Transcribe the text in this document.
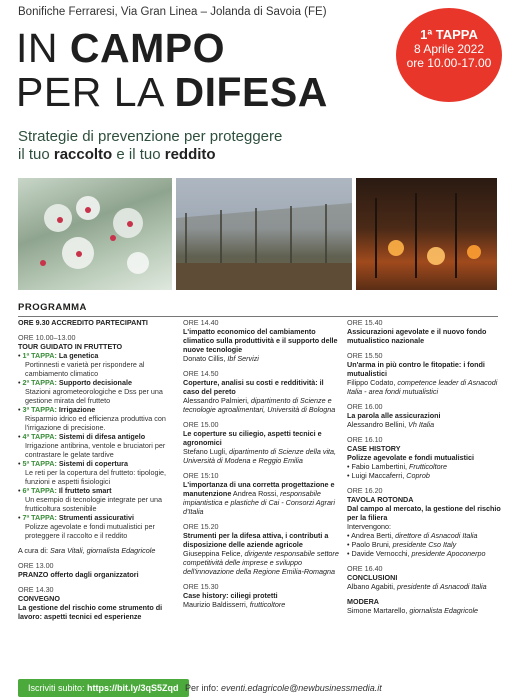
Bonifiche Ferraresi, Via Gran Linea – Jolanda di Savoia (FE)
IN CAMPO
PER LA DIFESA
1ª TAPPA
8 Aprile 2022
ore 10.00-17.00
Strategie di prevenzione per proteggere
il tuo raccolto e il tuo reddito
PROGRAMMA
ORE 9.30 ACCREDITO PARTECIPANTI
ORE 10.00–13.00
TOUR GUIDATO IN FRUTTETO
• 1ª TAPPA: La genetica
Portinnesti e varietà per rispondere al cambiamento climatico
• 2ª TAPPA: Supporto decisionale
Stazioni agrometeorologiche e Dss per una gestione mirata del frutteto
• 3ª TAPPA: Irrigazione
Risparmio idrico ed efficienza produttiva con l'irrigazione di precisione.
• 4ª TAPPA: Sistemi di difesa antigelo
Irrigazione antibrina, ventole e bruciatori per contrastare le gelate tardive
• 5ª TAPPA: Sistemi di copertura
Le reti per la copertura del frutteto: tipologie, funzioni e aspetti fisiologici
• 6ª TAPPA: Il frutteto smart
Un esempio di tecnologie integrate per una frutticoltura sostenibile
• 7ª TAPPA: Strumenti assicurativi
Polizze agevolate e fondi mutualistici per proteggere il raccolto e il reddito
A cura di: Sara Vitali, giornalista Edagricole
ORE 13.00
PRANZO offerto dagli organizzatori
ORE 14.30
CONVEGNO
La gestione del rischio come strumento di lavoro: aspetti tecnici ed esperienze
ORE 14.40
L'impatto economico del cambiamento climatico sulla produttività e il supporto delle nuove tecnologie
Donato Cillis, Ibf Servizi
ORE 14.50
Coperture, analisi su costi e redditività: il caso del pereto
Alessandro Palmieri, dipartimento di Scienze e tecnologie agroalimentari, Università di Bologna
ORE 15.00
Le coperture su ciliegio, aspetti tecnici e agronomici
Stefano Lugli, dipartimento di Scienze della vita, Università di Modena e Reggio Emilia
ORE 15:10
L'importanza di una corretta progettazione e manutenzione Andrea Rossi, responsabile impiantistica e plastiche di Cai - Consorzi Agrari d'Italia
ORE 15.20
Strumenti per la difesa attiva, i contributi a disposizione delle aziende agricole
Giuseppina Felice, dirigente responsabile settore competitività delle imprese e sviluppo dell'innovazione della Regione Emilia-Romagna
ORE 15.30
Case history: ciliegi protetti
Maurizio Baldisserri, frutticoltore
ORE 15.40
Assicurazioni agevolate e il nuovo fondo mutualistico nazionale
ORE 15.50
Un'arma in più contro le fitopatie: i fondi mutualistici
Filippo Codato, competence leader di Asnacodi Italia - area fondi mutualistici
ORE 16.00
La parola alle assicurazioni
Alessandro Bellini, Vh Italia
ORE 16.10
CASE HISTORY
Polizze agevolate e fondi mutualistici
• Fabio Lambertini, Frutticoltore
• Luigi Maccaferri, Coprob
ORE 16.20
TAVOLA ROTONDA
Dal campo al mercato, la gestione del rischio per la filiera
Intervengono:
• Andrea Berti, direttore di Asnacodi Italia
• Paolo Bruni, presidente Cso Italy
• Davide Vernocchi, presidente Apoconerpo
ORE 16.40
CONCLUSIONI
Albano Agabiti, presidente di Asnacodi Italia
MODERA
Simone Martarello, giornalista Edagricole
Iscriviti subito: https://bit.ly/3qS5Zqd Per info: eventi.edagricole@newbusinessmedia.it
